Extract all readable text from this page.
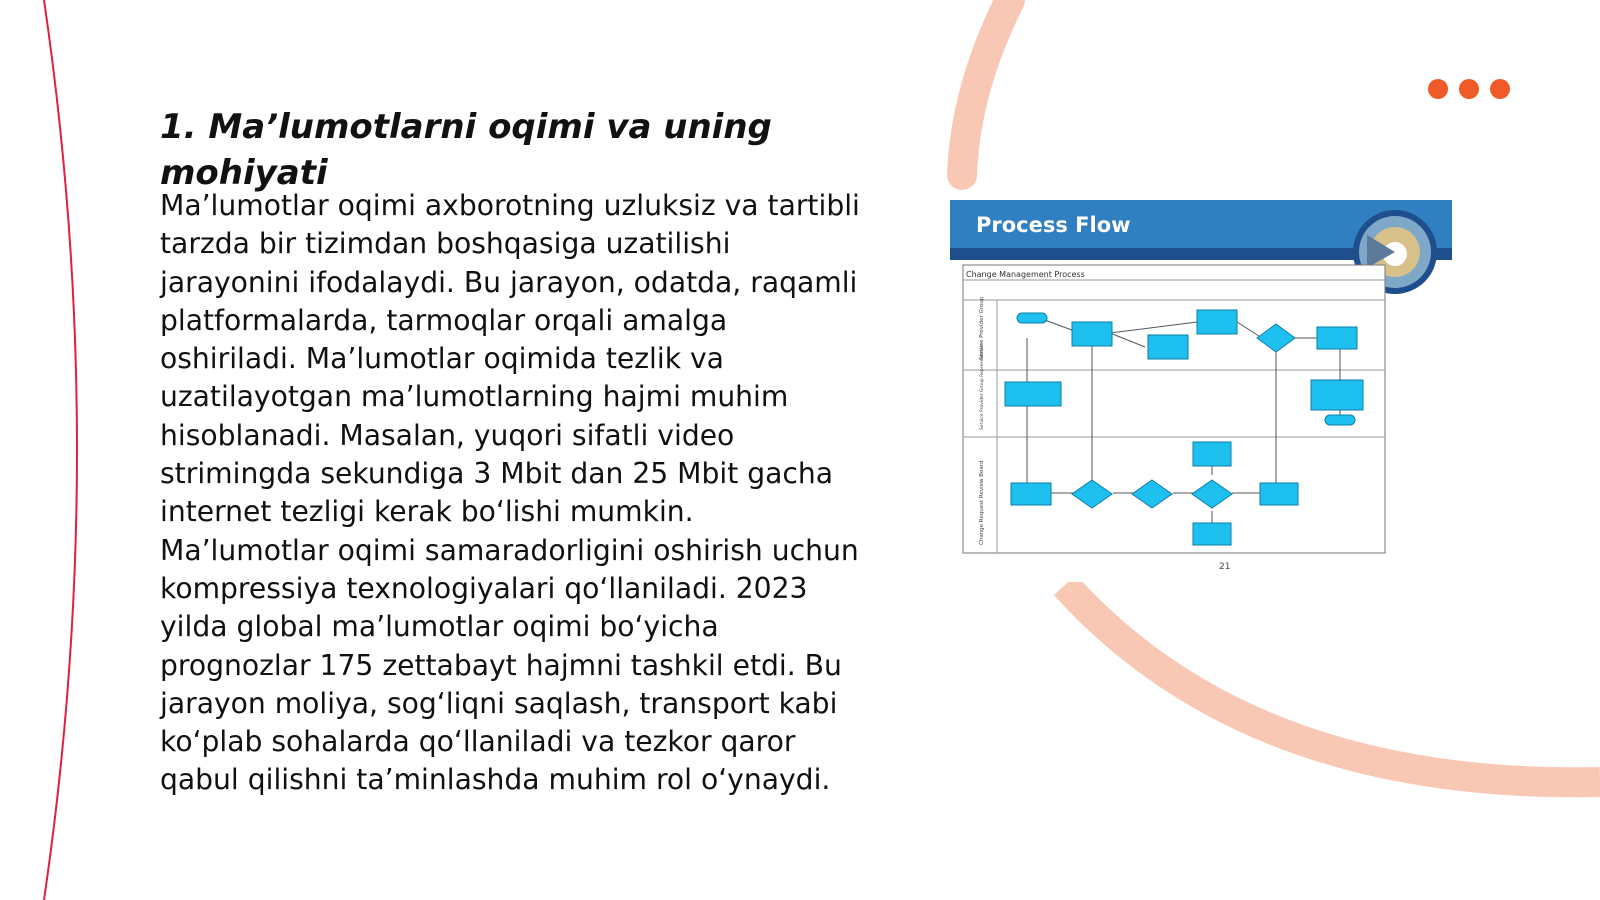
1. Ma’lumotlarni oqimi va uning mohiyati

Ma’lumotlar oqimi axborotning uzluksiz va tartibli tarzda bir tizimdan boshqasiga uzatilishi jarayonini ifodalaydi. Bu jarayon, odatda, raqamli platformalarda, tarmoqlar orqali amalga oshiriladi. Ma’lumotlar oqimida tezlik va uzatilayotgan ma’lumotlarning hajmi muhim hisoblanadi. Masalan, yuqori sifatli video strimingda sekundiga 3 Mbit dan 25 Mbit gacha internet tezligi kerak bo‘lishi mumkin. Ma’lumotlar oqimi samaradorligini oshirish uchun kompressiya texnologiyalari qo‘llaniladi. 2023 yilda global ma’lumotlar oqimi bo‘yicha prognozlar 175 zettabayt hajmni tashkil etdi. Bu jarayon moliya, sog‘liqni saqlash, transport kabi ko‘plab sohalarda qo‘llaniladi va tezkor qaror qabul qilishni ta’minlashda muhim rol o‘ynaydi.

Process Flow
Change Management Process
Service Provider Group
Service Provider Group Representative
Change Request Review Board
21
